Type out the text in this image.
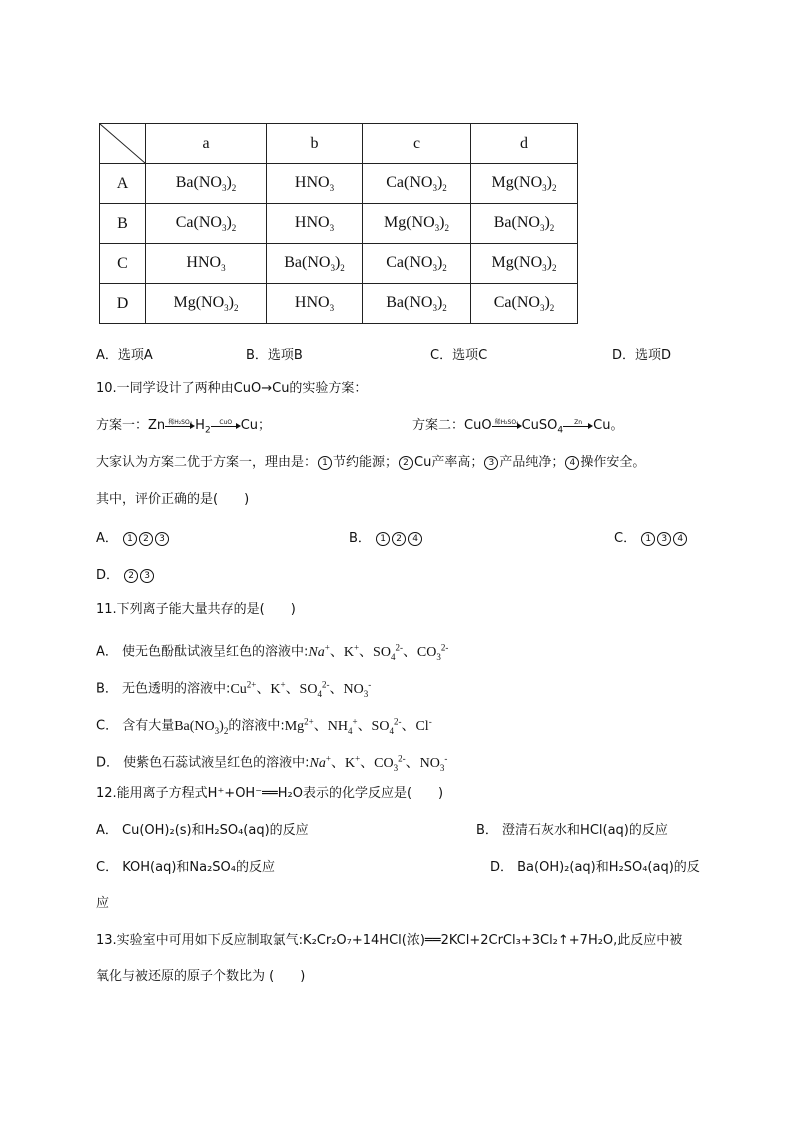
	a	b	c	d
A	$Ba(NO_3)_2$	$HNO_3$	$Ca(NO_3)_2$	$Mg(NO_3)_2$
B	$Ca(NO_3)_2$	$HNO_3$	$Mg(NO_3)_2$	$Ba(NO_3)_2$
C	$HNO_3$	$Ba(NO_3)_2$	$Ca(NO_3)_2$	$Mg(NO_3)_2$
D	$Mg(NO_3)_2$	$HNO_3$	$Ba(NO_3)_2$	$Ca(NO_3)_2$
A．选项A	B．选项B	C．选项C	D．选项D
10.一同学设计了两种由CuO→Cu的实验方案：
方案一：Zn 稀H₂SO₄ $H_2$
CuO Cu；	方案二：CuO 稀H₂SO₄ CuSO$_4$
Zn Cu。
大家认为方案二优于方案一，理由是： 1 节约能源； 2 Cu产率高； 3 产品纯净； 4 操作安全。
其中，评价正确的是(　　)
A． 1 2 3	B． 1 2 4	C． 1 3 4
D． 2 3
11.下列离子能大量共存的是(　　)
A． 使无色酚酞试液呈红色的溶液中:Na+、K+、$SO_4^{2-}$、$CO_3^{2-}$
B． 无色透明的溶液中$:Cu^{2+}$、K+、$SO_4^{2-}$、$NO_3^-$
C． 含有大量$Ba(NO_3)_2$的溶液中$:Mg^{2+}$、$NH_4^+$、$SO_4^{2-}$、Cl-
D． 使紫色石蕊试液呈红色的溶液中:Na+、K+、$CO_3^{2-}$、$NO_3^-$
12.能用离子方程式H⁺+OH⁻══H₂O表示的化学反应是(　　)
A． Cu(OH)₂(s)和H₂SO₄(aq)的反应	B． 澄清石灰水和HCl(aq)的反应
C． KOH(aq)和Na₂SO₄的反应	D． Ba(OH)₂(aq)和H₂SO₄(aq)的反
应
13.实验室中可用如下反应制取氯气:K₂Cr₂O₇+14HCl(浓)══2KCl+2CrCl₃+3Cl₂↑+7H₂O,此反应中被
氧化与被还原的原子个数比为 (　　)
